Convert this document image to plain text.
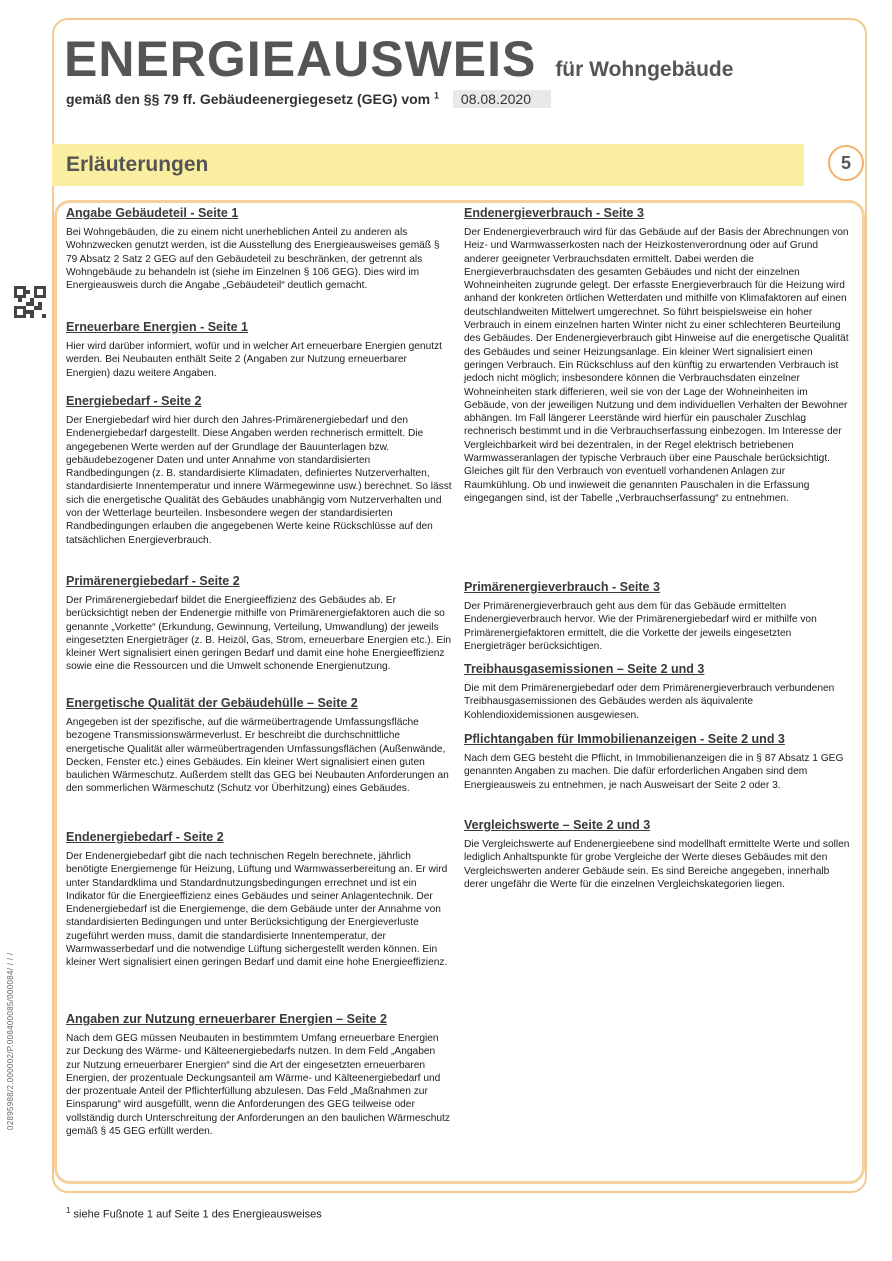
ENERGIEAUSWEIS für Wohngebäude
gemäß den §§ 79 ff. Gebäudeenergiegesetz (GEG) vom $^1$ 08.08.2020
Erläuterungen	5
02895988/2.000002/P.008400085/000084/ / / /
Angabe Gebäudeteil - Seite 1

Bei Wohngebäuden, die zu einem nicht unerheblichen Anteil zu anderen als Wohnzwecken genutzt werden, ist die Ausstellung des Energieausweises gemäß § 79 Absatz 2 Satz 2 GEG auf den Gebäudeteil zu beschränken, der getrennt als Wohngebäude zu behandeln ist (siehe im Einzelnen § 106 GEG). Dies wird im Energieausweis durch die Angabe „Gebäudeteil“ deutlich gemacht.

Erneuerbare Energien - Seite 1

Hier wird darüber informiert, wofür und in welcher Art erneuerbare Energien genutzt werden. Bei Neubauten enthält Seite 2 (Angaben zur Nutzung erneuerbarer Energien) dazu weitere Angaben.

Energiebedarf - Seite 2

Der Energiebedarf wird hier durch den Jahres-Primärenergiebedarf und den Endenergiebedarf dargestellt. Diese Angaben werden rechnerisch ermittelt. Die angegebenen Werte werden auf der Grundlage der Bauunterlagen bzw. gebäudebezogener Daten und unter Annahme von standardisierten Randbedingungen (z. B. standardisierte Klimadaten, definiertes Nutzerverhalten, standardisierte Innentemperatur und innere Wärmegewinne usw.) berechnet. So lässt sich die energetische Qualität des Gebäudes unabhängig vom Nutzerverhalten und von der Wetterlage beurteilen. Insbesondere wegen der standardisierten Randbedingungen erlauben die angegebenen Werte keine Rückschlüsse auf den tatsächlichen Energieverbrauch.

Primärenergiebedarf - Seite 2

Der Primärenergiebedarf bildet die Energieeffizienz des Gebäudes ab. Er berücksichtigt neben der Endenergie mithilfe von Primärenergiefaktoren auch die so genannte „Vorkette“ (Erkundung, Gewinnung, Verteilung, Umwandlung) der jeweils eingesetzten Energieträger (z. B. Heizöl, Gas, Strom, erneuerbare Energien etc.). Ein kleiner Wert signalisiert einen geringen Bedarf und damit eine hohe Energieeffizienz sowie eine die Ressourcen und die Umwelt schonende Energienutzung.

Energetische Qualität der Gebäudehülle – Seite 2

Angegeben ist der spezifische, auf die wärmeübertragende Umfassungsfläche bezogene Transmissionswärmeverlust. Er beschreibt die durchschnittliche energetische Qualität aller wärmeübertragenden Umfassungsflächen (Außenwände, Decken, Fenster etc.) eines Gebäudes. Ein kleiner Wert signalisiert einen guten baulichen Wärmeschutz. Außerdem stellt das GEG bei Neubauten Anforderungen an den sommerlichen Wärmeschutz (Schutz vor Überhitzung) eines Gebäudes.

Endenergiebedarf - Seite 2

Der Endenergiebedarf gibt die nach technischen Regeln berechnete, jährlich benötigte Energiemenge für Heizung, Lüftung und Warmwasserbereitung an. Er wird unter Standardklima und Standardnutzungsbedingungen errechnet und ist ein Indikator für die Energieeffizienz eines Gebäudes und seiner Anlagentechnik. Der Endenergiebedarf ist die Energiemenge, die dem Gebäude unter der Annahme von standardisierten Bedingungen und unter Berücksichtigung der Energieverluste zugeführt werden muss, damit die standardisierte Innentemperatur, der Warmwasserbedarf und die notwendige Lüftung sichergestellt werden können. Ein kleiner Wert signalisiert einen geringen Bedarf und damit eine hohe Energieeffizienz.

Angaben zur Nutzung erneuerbarer Energien – Seite 2

Nach dem GEG müssen Neubauten in bestimmtem Umfang erneuerbare Energien zur Deckung des Wärme- und Kälteenergiebedarfs nutzen. In dem Feld „Angaben zur Nutzung erneuerbarer Energien“ sind die Art der eingesetzten erneuerbaren Energien, der prozentuale Deckungsanteil am Wärme- und Kälteenergiebedarf und der prozentuale Anteil der Pflichterfüllung abzulesen. Das Feld „Maßnahmen zur Einsparung“ wird ausgefüllt, wenn die Anforderungen des GEG teilweise oder vollständig durch Unterschreitung der Anforderungen an den baulichen Wärmeschutz gemäß § 45 GEG erfüllt werden.

Endenergieverbrauch - Seite 3

Der Endenergieverbrauch wird für das Gebäude auf der Basis der Abrechnungen von Heiz- und Warmwasserkosten nach der Heizkostenverordnung oder auf Grund anderer geeigneter Verbrauchsdaten ermittelt. Dabei werden die Energieverbrauchsdaten des gesamten Gebäudes und nicht der einzelnen Wohneinheiten zugrunde gelegt. Der erfasste Energieverbrauch für die Heizung wird anhand der konkreten örtlichen Wetterdaten und mithilfe von Klimafaktoren auf einen deutschlandweiten Mittelwert umgerechnet. So führt beispielsweise ein hoher Verbrauch in einem einzelnen harten Winter nicht zu einer schlechteren Beurteilung des Gebäudes. Der Endenergieverbrauch gibt Hinweise auf die energetische Qualität des Gebäudes und seiner Heizungsanlage. Ein kleiner Wert signalisiert einen geringen Verbrauch. Ein Rückschluss auf den künftig zu erwartenden Verbrauch ist jedoch nicht möglich; insbesondere können die Verbrauchsdaten einzelner Wohneinheiten stark differieren, weil sie von der Lage der Wohneinheiten im Gebäude, von der jeweiligen Nutzung und dem individuellen Verhalten der Bewohner abhängen. Im Fall längerer Leerstände wird hierfür ein pauschaler Zuschlag rechnerisch bestimmt und in die Verbrauchserfassung einbezogen. Im Interesse der Vergleichbarkeit wird bei dezentralen, in der Regel elektrisch betriebenen Warmwasseranlagen der typische Verbrauch über eine Pauschale berücksichtigt. Gleiches gilt für den Verbrauch von eventuell vorhandenen Anlagen zur Raumkühlung. Ob und inwieweit die genannten Pauschalen in die Erfassung eingegangen sind, ist der Tabelle „Verbrauchserfassung“ zu entnehmen.

Primärenergieverbrauch - Seite 3

Der Primärenergieverbrauch geht aus dem für das Gebäude ermittelten Endenergieverbrauch hervor. Wie der Primärenergiebedarf wird er mithilfe von Primärenergiefaktoren ermittelt, die die Vorkette der jeweils eingesetzten Energieträger berücksichtigen.

Treibhausgasemissionen – Seite 2 und 3

Die mit dem Primärenergiebedarf oder dem Primärenergieverbrauch verbundenen Treibhausgasemissionen des Gebäudes werden als äquivalente Kohlendioxidemissionen ausgewiesen.

Pflichtangaben für Immobilienanzeigen - Seite 2 und 3

Nach dem GEG besteht die Pflicht, in Immobilienanzeigen die in § 87 Absatz 1 GEG genannten Angaben zu machen. Die dafür erforderlichen Angaben sind dem Energieausweis zu entnehmen, je nach Ausweisart der Seite 2 oder 3.

Vergleichswerte – Seite 2 und 3

Die Vergleichswerte auf Endenergieebene sind modellhaft ermittelte Werte und sollen lediglich Anhaltspunkte für grobe Vergleiche der Werte dieses Gebäudes mit den Vergleichswerten anderer Gebäude sein. Es sind Bereiche angegeben, innerhalb derer ungefähr die Werte für die einzelnen Vergleichskategorien liegen.

$^1$ siehe Fußnote 1 auf Seite 1 des Energieausweises
